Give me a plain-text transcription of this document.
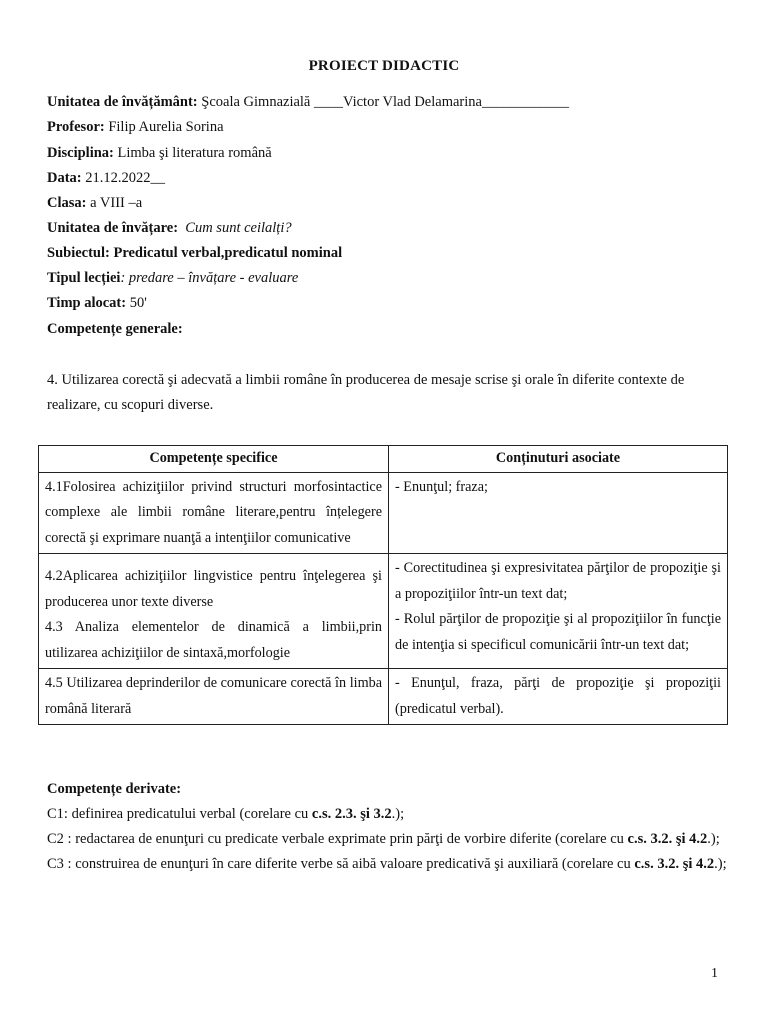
PROIECT DIDACTIC
Unitatea de învățământ: Şcoala Gimnazială ____Victor Vlad Delamarina____________
Profesor: Filip Aurelia Sorina
Disciplina: Limba şi literatura română
Data: 21.12.2022__
Clasa: a VIII –a
Unitatea de învățare: Cum sunt ceilalți?
Subiectul: Predicatul verbal,predicatul nominal
Tipul lecției: predare – învățare - evaluare
Timp alocat: 50'
Competențe generale:
4. Utilizarea corectă şi adecvată a limbii române în producerea de mesaje scrise şi orale în diferite contexte de realizare, cu scopuri diverse.
Competențe specifice	Conținuturi asociate

4.1Folosirea achiziţiilor privind structuri morfosintactice complexe ale limbii române literare,pentru înțelegere corectă şi exprimare nuanţă a intenţiilor comunicative	- Enunţul; fraza;

4.2Aplicarea achiziţiilor lingvistice pentru înţelegerea şi producerea unor texte diverse
4.3 Analiza elementelor de dinamică a limbii,prin utilizarea achiziţiilor de sintaxă,morfologie	- Corectitudinea şi expresivitatea părţilor de propoziţie şi a propoziţiilor într-un text dat;
- Rolul părţilor de propoziţie şi al propoziţiilor în funcţie de intenţia si specificul comunicării într-un text dat;

4.5 Utilizarea deprinderilor de comunicare corectă în limba română literară	- Enunţul, fraza, părţi de propoziţie şi propoziţii (predicatul verbal).
Competențe derivate:
C1: definirea predicatului verbal (corelare cu c.s. 2.3. şi 3.2.);
C2 : redactarea de enunţuri cu predicate verbale exprimate prin părţi de vorbire diferite (corelare cu c.s. 3.2. şi 4.2.);
C3 : construirea de enunţuri în care diferite verbe să aibă valoare predicativă şi auxiliară (corelare cu c.s. 3.2. şi 4.2.);
1
